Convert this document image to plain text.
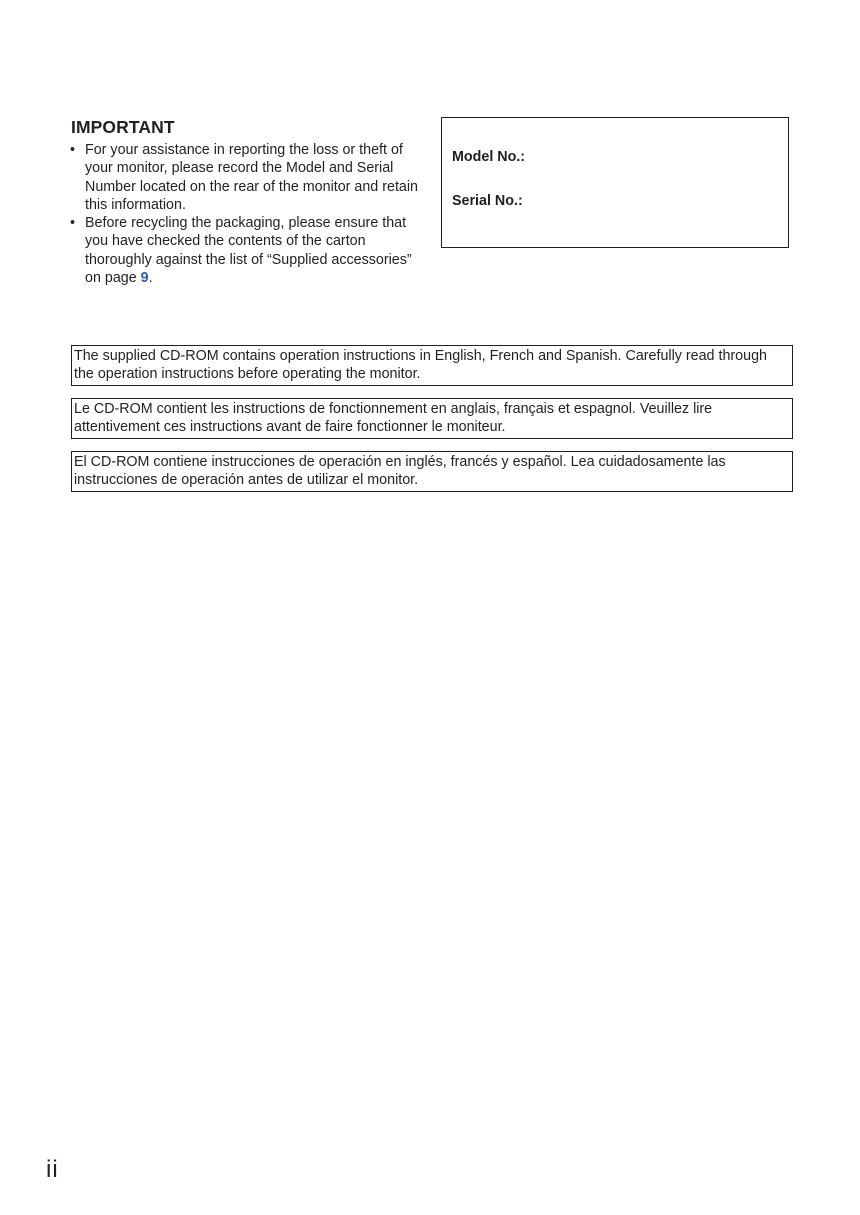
IMPORTANT
• For your assistance in reporting the loss or theft of your monitor, please record the Model and Serial Number located on the rear of the monitor and retain this information.
• Before recycling the packaging, please ensure that you have checked the contents of the carton thoroughly against the list of “Supplied accessories” on page 9.
Model No.:
Serial No.:
The supplied CD-ROM contains operation instructions in English, French and Spanish. Carefully read through the operation instructions before operating the monitor.
Le CD-ROM contient les instructions de fonctionnement en anglais, français et espagnol. Veuillez lire attentivement ces instructions avant de faire fonctionner le moniteur.
El CD-ROM contiene instrucciones de operación en inglés, francés y español. Lea cuidadosamente las instrucciones de operación antes de utilizar el monitor.
ii
